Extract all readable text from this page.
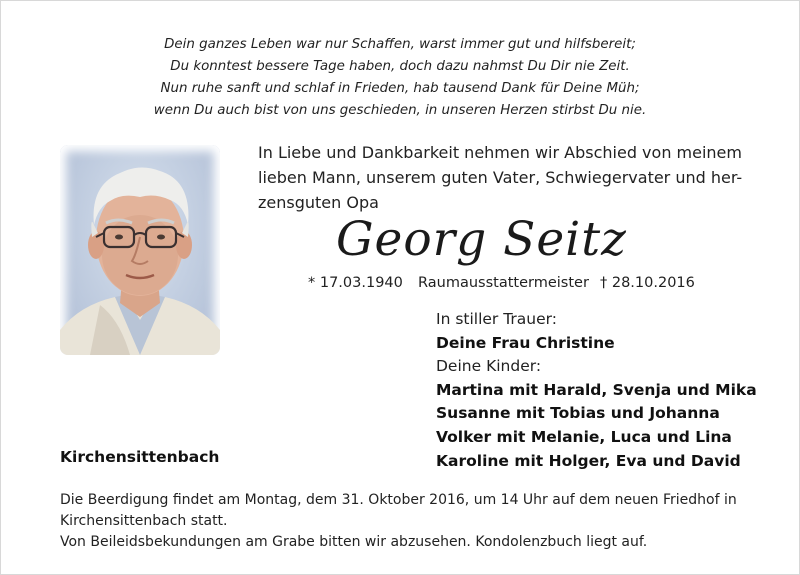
Dein ganzes Leben war nur Schaffen, warst immer gut und hilfsbereit;
Du konntest bessere Tage haben, doch dazu nahmst Du Dir nie Zeit.
Nun ruhe sanft und schlaf in Frieden, hab tausend Dank für Deine Müh;
wenn Du auch bist von uns geschieden, in unseren Herzen stirbst Du nie.
In Liebe und Dankbarkeit nehmen wir Abschied von meinem
lieben Mann, unserem guten Vater, Schwiegervater und her-
zensguten Opa
Georg Seitz
* 17.03.1940 Raumausstattermeister † 28.10.2016
In stiller Trauer:
Deine Frau Christine
Deine Kinder:
Martina mit Harald, Svenja und Mika
Susanne mit Tobias und Johanna
Volker mit Melanie, Luca und Lina
Karoline mit Holger, Eva und David
Kirchensittenbach
Die Beerdigung findet am Montag, dem 31. Oktober 2016, um 14 Uhr auf dem neuen Friedhof in
Kirchensittenbach statt.
Von Beileidsbekundungen am Grabe bitten wir abzusehen. Kondolenzbuch liegt auf.
